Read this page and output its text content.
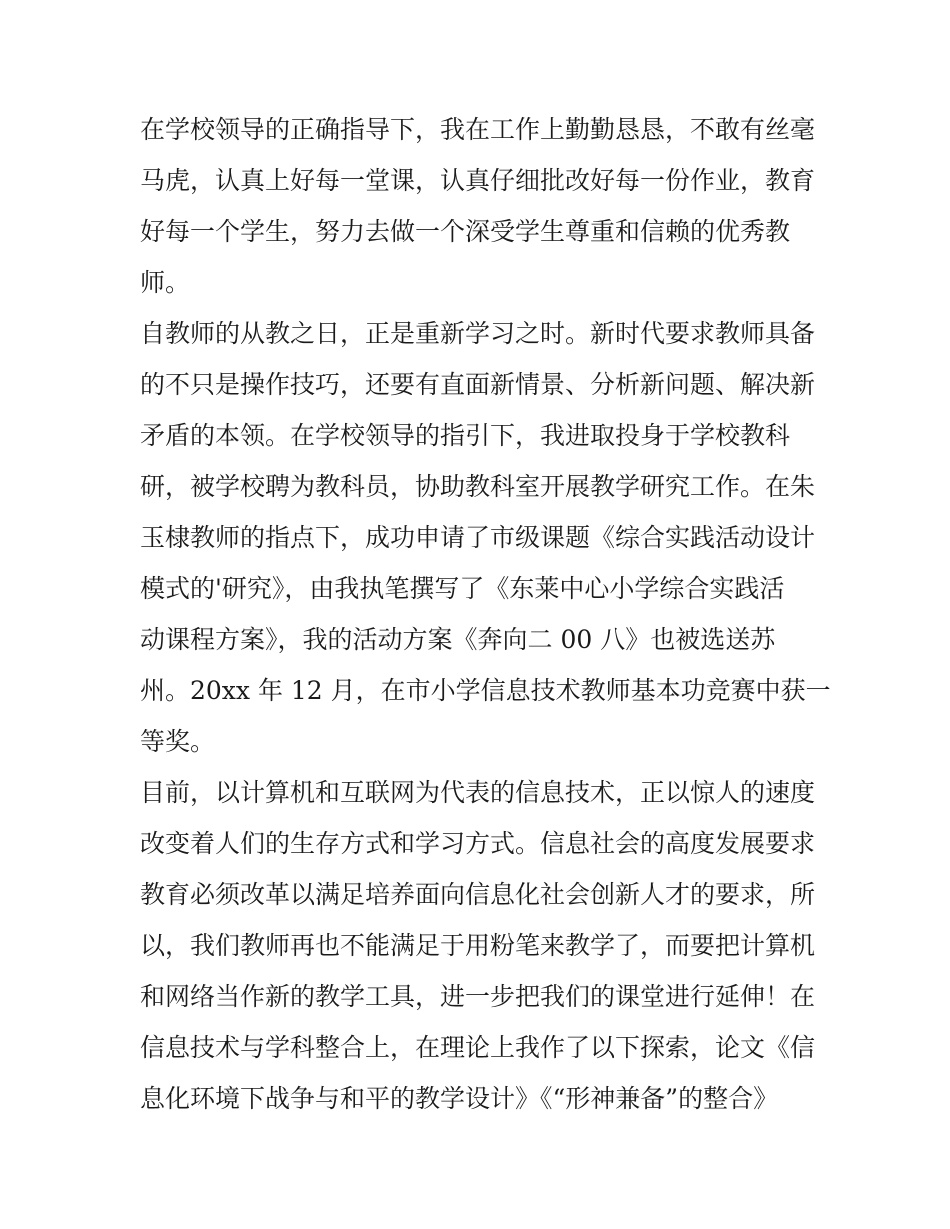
在学校领导的正确指导下，我在工作上勤勤恳恳，不敢有丝毫
马虎，认真上好每一堂课，认真仔细批改好每一份作业，教育
好每一个学生，努力去做一个深受学生尊重和信赖的优秀教
师。
自教师的从教之日，正是重新学习之时。新时代要求教师具备
的不只是操作技巧，还要有直面新情景、分析新问题、解决新
矛盾的本领。在学校领导的指引下，我进取投身于学校教科
研，被学校聘为教科员，协助教科室开展教学研究工作。在朱
玉棣教师的指点下，成功申请了市级课题《综合实践活动设计
模式的'研究》，由我执笔撰写了《东莱中心小学综合实践活
动课程方案》，我的活动方案《奔向二 00 八》也被选送苏
州。20xx 年 12 月，在市小学信息技术教师基本功竞赛中获一
等奖。
目前，以计算机和互联网为代表的信息技术，正以惊人的速度
改变着人们的生存方式和学习方式。信息社会的高度发展要求
教育必须改革以满足培养面向信息化社会创新人才的要求，所
以，我们教师再也不能满足于用粉笔来教学了，而要把计算机
和网络当作新的教学工具，进一步把我们的课堂进行延伸！在
信息技术与学科整合上，在理论上我作了以下探索，论文《信
息化环境下战争与和平的教学设计》《“形神兼备”的整合》
